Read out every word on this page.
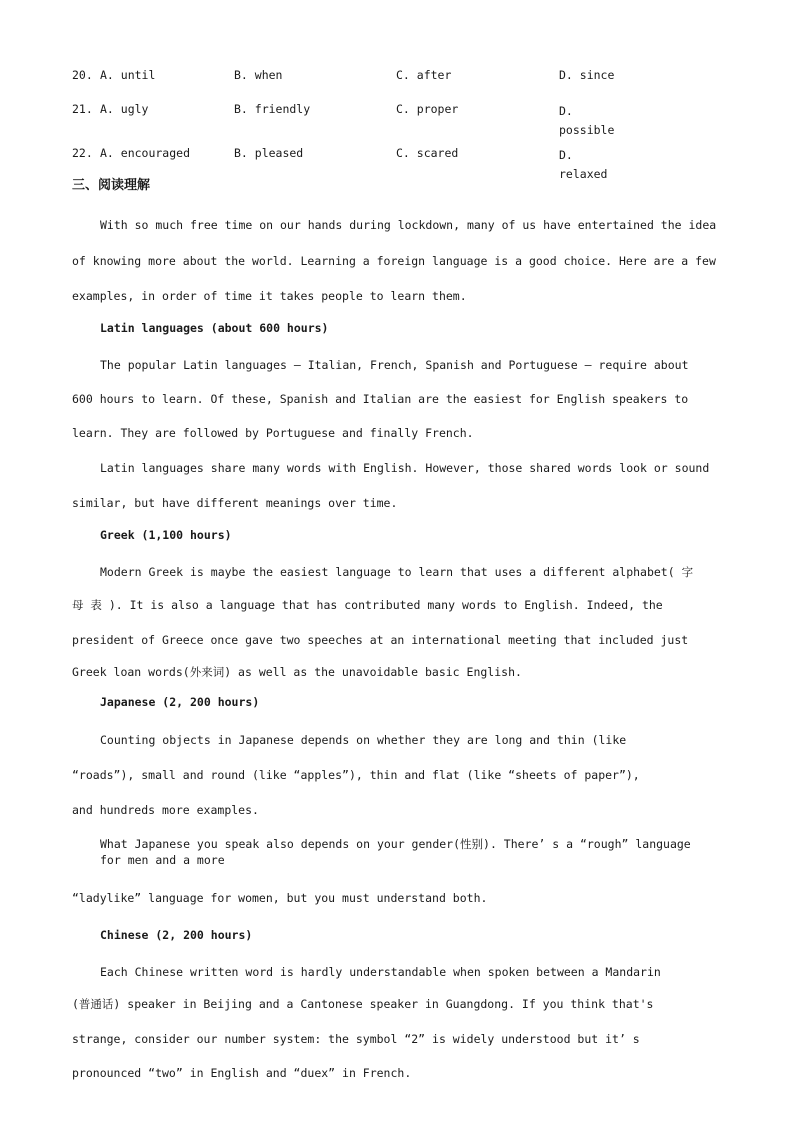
20. A. until	B. when	C. after	D. since
21. A. ugly	B. friendly	C. proper	D. possible
22. A. encouraged	B. pleased	C. scared	D. relaxed
三、阅读理解
With so much free time on our hands during lockdown, many of us have entertained the idea
of knowing more about the world. Learning a foreign language is a good choice. Here are a few
examples, in order of time it takes people to learn them.
Latin languages (about 600 hours)
The popular Latin languages — Italian, French, Spanish and Portuguese — require about
600 hours to learn. Of these, Spanish and Italian are the easiest for English speakers to
learn. They are followed by Portuguese and finally French.
Latin languages share many words with English. However, those shared words look or sound
similar, but have different meanings over time.
Greek (1,100 hours)
Modern Greek is maybe the easiest language to learn that uses a different alphabet( 字
母 表 ). It is also a language that has contributed many words to English. Indeed, the
president of Greece once gave two speeches at an international meeting that included just
Greek loan words(外来词) as well as the unavoidable basic English.
Japanese (2, 200 hours)
Counting objects in Japanese depends on whether they are long and thin (like
“roads”), small and round (like “apples”), thin and flat (like “sheets of paper”),
and hundreds more examples.
What Japanese you speak also depends on your gender(性别). There’ s a “rough” language
for men and a more
“ladylike” language for women, but you must understand both.
Chinese (2, 200 hours)
Each Chinese written word is hardly understandable when spoken between a Mandarin
(普通话) speaker in Beijing and a Cantonese speaker in Guangdong. If you think that's
strange, consider our number system: the symbol “2” is widely understood but it’ s
pronounced “two” in English and “duex” in French.
